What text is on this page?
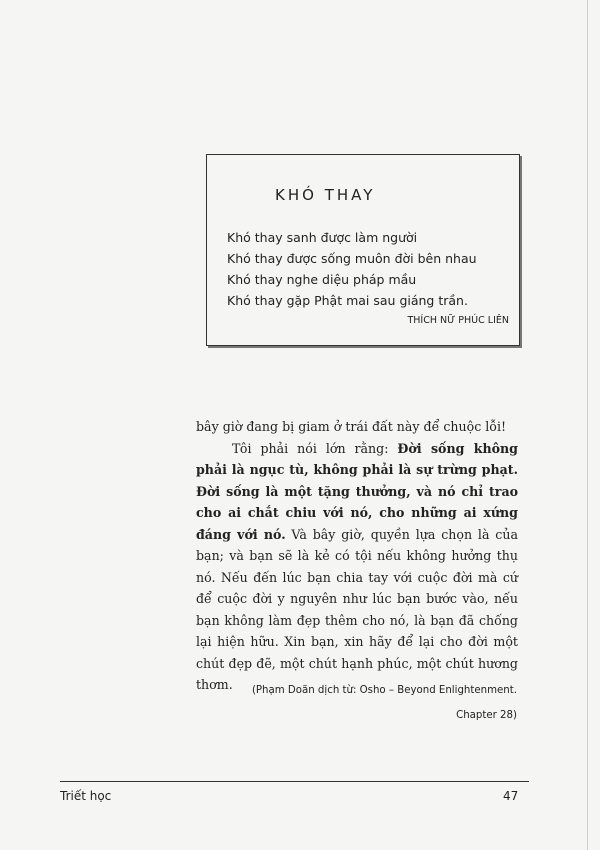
KHÓ THAY
Khó thay sanh được làm người
Khó thay được sống muôn đời bên nhau
Khó thay nghe diệu pháp mầu
Khó thay gặp Phật mai sau giáng trần.
THÍCH NỮ PHÚC LIÊN

bây giờ đang bị giam ở trái đất này để chuộc lỗi!

Tôi phải nói lớn rằng: Đời sống không phải là ngục tù, không phải là sự trừng phạt. Đời sống là một tặng thưởng, và nó chỉ trao cho ai chắt chiu với nó, cho những ai xứng đáng với nó. Và bây giờ, quyền lựa chọn là của bạn; và bạn sẽ là kẻ có tội nếu không hưởng thụ nó. Nếu đến lúc bạn chia tay với cuộc đời mà cứ để cuộc đời y nguyên như lúc bạn bước vào, nếu bạn không làm đẹp thêm cho nó, là bạn đã chống lại hiện hữu. Xin bạn, xin hãy để lại cho đời một chút đẹp đẽ, một chút hạnh phúc, một chút hương thơm.	(Phạm Doãn dịch từ: Osho – Beyond Enlightenment.
Chapter 28)
Triết học	47
